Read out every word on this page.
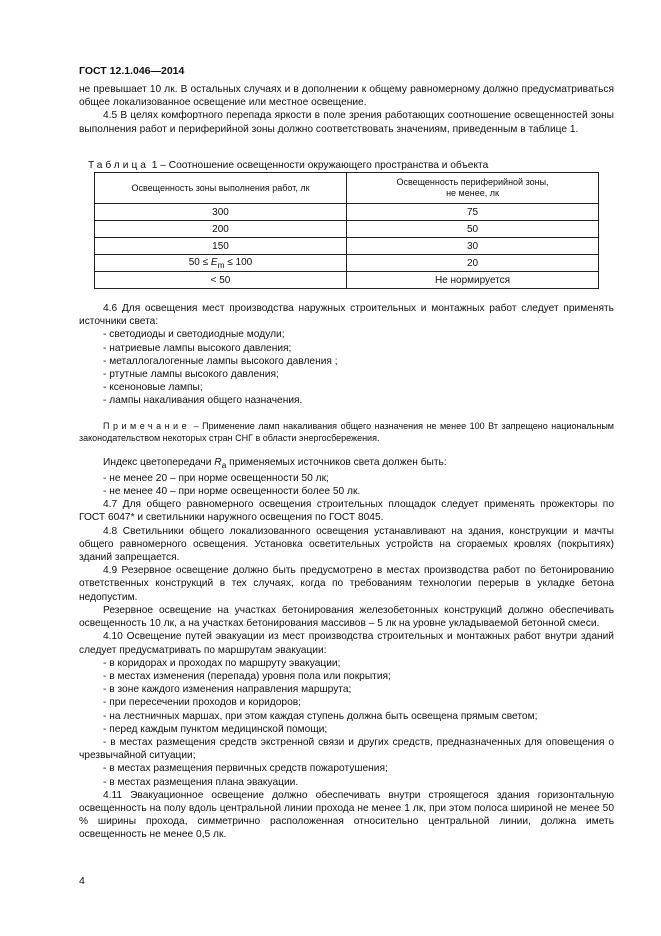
ГОСТ 12.1.046—2014

не превышает 10 лк. В остальных случаях и в дополнении к общему равномерному должно предусматриваться общее локализованное освещение или местное освещение.

4.5 В целях комфортного перепада яркости в поле зрения работающих соотношение освещенностей зоны выполнения работ и периферийной зоны должно соответствовать значениям, приведенным в таблице 1.

Таблица 1 – Соотношение освещенности окружающего пространства и объекта
Освещенность зоны выполнения работ, лк	Освещенность периферийной зоны,
не менее, лк
300	75
200	50
150	30
$50 \le E_m \le 100$	20
< 50	Не нормируется

4.6 Для освещения мест производства наружных строительных и монтажных работ следует применять источники света:

- светодиоды и светодиодные модули;

- натриевые лампы высокого давления;

- металлогалогенные лампы высокого давления ;

- ртутные лампы высокого давления;

- ксеноновые лампы;

- лампы накаливания общего назначения.

Примечание – Применение ламп накаливания общего назначения не менее 100 Вт запрещено национальным законодательством некоторых стран СНГ в области энергосбережения.

Индекс цветопередачи $R_a$ применяемых источников света должен быть:

- не менее 20 – при норме освещенности 50 лк;

- не менее 40 – при норме освещенности более 50 лк.

4.7 Для общего равномерного освещения строительных площадок следует применять прожекторы по ГОСТ 6047* и светильники наружного освещения по ГОСТ 8045.

4.8 Светильники общего локализованного освещения устанавливают на здания, конструкции и мачты общего равномерного освещения. Установка осветительных устройств на сгораемых кровлях (покрытиях) зданий запрещается.

4.9 Резервное освещение должно быть предусмотрено в местах производства работ по бетонированию ответственных конструкций в тех случаях, когда по требованиям технологии перерыв в укладке бетона недопустим.

Резервное освещение на участках бетонирования железобетонных конструкций должно обеспечивать освещенность 10 лк, а на участках бетонирования массивов – 5 лк на уровне укладываемой бетонной смеси.

4.10 Освещение путей эвакуации из мест производства строительных и монтажных работ внутри зданий следует предусматривать по маршрутам эвакуации:

- в коридорах и проходах по маршруту эвакуации;

- в местах изменения (перепада) уровня пола или покрытия;

- в зоне каждого изменения направления маршрута;

- при пересечении проходов и коридоров;

- на лестничных маршах, при этом каждая ступень должна быть освещена прямым светом;

- перед каждым пунктом медицинской помощи;

- в местах размещения средств экстренной связи и других средств, предназначенных для оповещения о чрезвычайной ситуации;

- в местах размещения первичных средств пожаротушения;

- в местах размещения плана эвакуации.

4.11 Эвакуационное освещение должно обеспечивать внутри строящегося здания горизонтальную освещенность на полу вдоль центральной линии прохода не менее 1 лк, при этом полоса шириной не менее 50 % ширины прохода, симметрично расположенная относительно центральной линии, должна иметь освещенность не менее 0,5 лк.

4
